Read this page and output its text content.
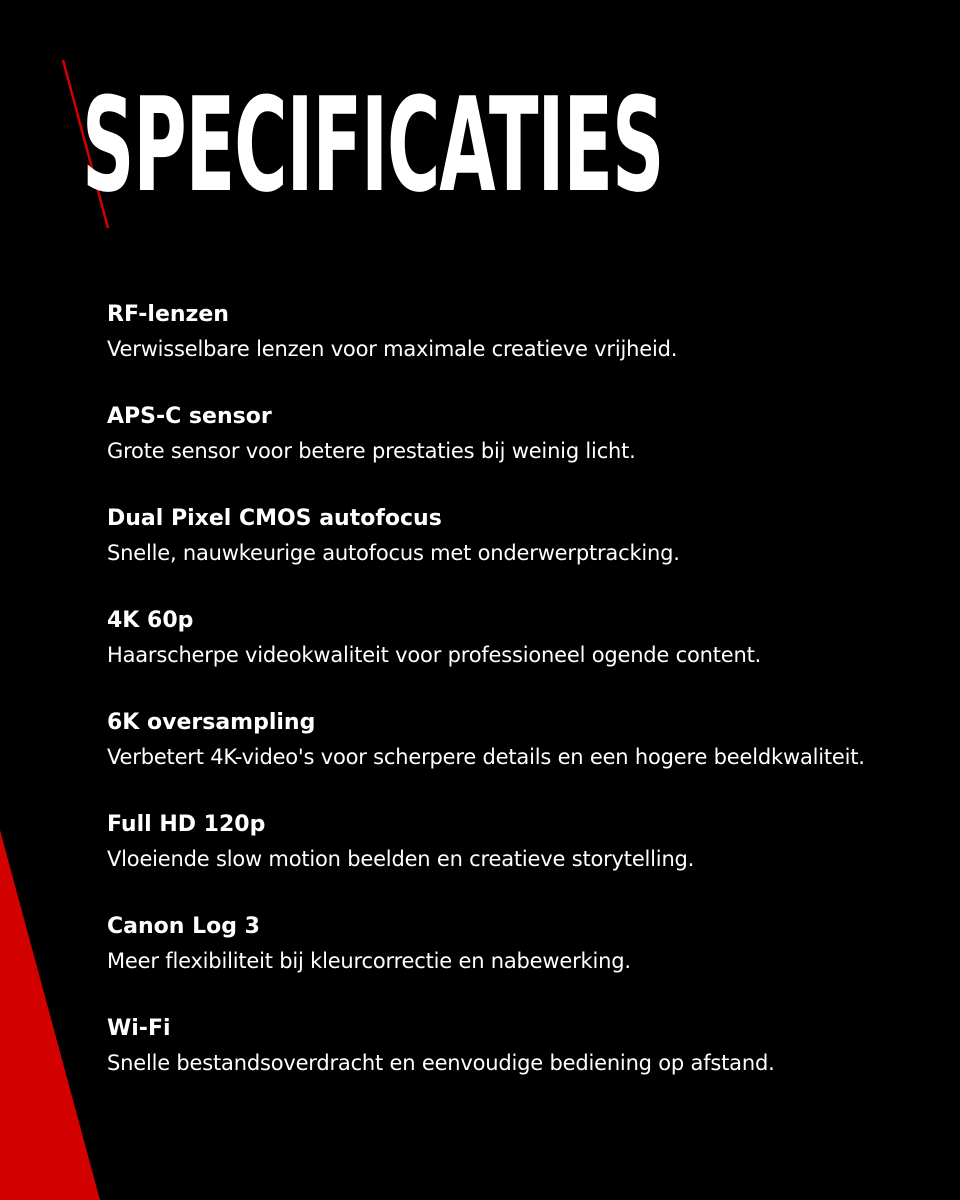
SPECIFICATIES
RF-lenzen
Verwisselbare lenzen voor maximale creatieve vrijheid.
APS-C sensor
Grote sensor voor betere prestaties bij weinig licht.
Dual Pixel CMOS autofocus
Snelle, nauwkeurige autofocus met onderwerptracking.
4K 60p
Haarscherpe videokwaliteit voor professioneel ogende content.
6K oversampling
Verbetert 4K-video's voor scherpere details en een hogere beeldkwaliteit.
Full HD 120p
Vloeiende slow motion beelden en creatieve storytelling.
Canon Log 3
Meer flexibiliteit bij kleurcorrectie en nabewerking.
Wi-Fi
Snelle bestandsoverdracht en eenvoudige bediening op afstand.
